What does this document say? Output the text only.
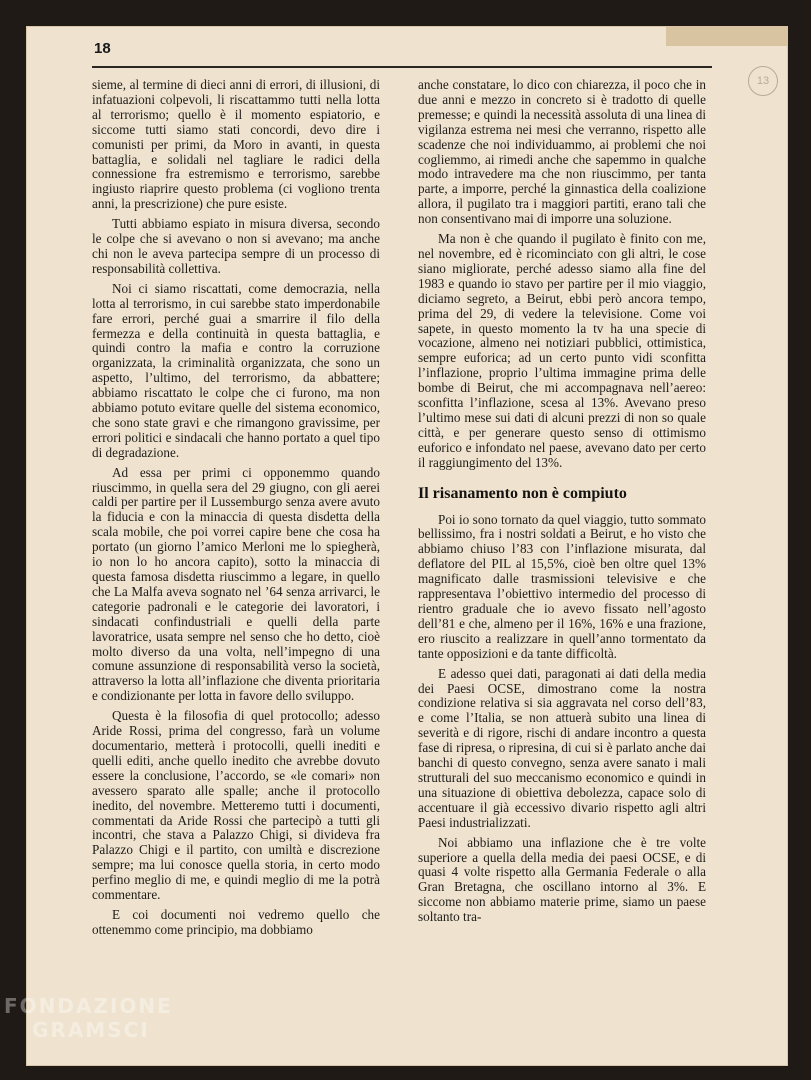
18
13

sieme, al termine di dieci anni di errori, di illusioni, di infatuazioni colpevoli, li riscattammo tutti nella lotta al terrorismo; quello è il momento espiatorio, e siccome tutti siamo stati concordi, devo dire i comunisti per primi, da Moro in avanti, in questa battaglia, e solidali nel tagliare le radici della connessione fra estremismo e terrorismo, sarebbe ingiusto riaprire questo problema (ci vogliono trenta anni, la prescrizione) che pure esiste.

Tutti abbiamo espiato in misura diversa, secondo le colpe che si avevano o non si avevano; ma anche chi non le aveva partecipa sempre di un processo di responsabilità collettiva.

Noi ci siamo riscattati, come democrazia, nella lotta al terrorismo, in cui sarebbe stato imperdonabile fare errori, perché guai a smarrire il filo della fermezza e della continuità in questa battaglia, e quindi contro la mafia e contro la corruzione organizzata, la criminalità organizzata, che sono un aspetto, l’ultimo, del terrorismo, da abbattere; abbiamo riscattato le colpe che ci furono, ma non abbiamo potuto evitare quelle del sistema economico, che sono state gravi e che rimangono gravissime, per errori politici e sindacali che hanno portato a quel tipo di degradazione.

Ad essa per primi ci opponemmo quando riuscimmo, in quella sera del 29 giugno, con gli aerei caldi per partire per il Lussemburgo senza avere avuto la fiducia e con la minaccia di questa disdetta della scala mobile, che poi vorrei capire bene che cosa ha portato (un giorno l’amico Merloni me lo spiegherà, io non lo ho ancora capito), sotto la minaccia di questa famosa disdetta riuscimmo a legare, in quello che La Malfa aveva sognato nel ’64 senza arrivarci, le categorie padronali e le categorie dei lavoratori, i sindacati confindustriali e quelli della parte lavoratrice, usata sempre nel senso che ho detto, cioè molto diverso da una volta, nell’impegno di una comune assunzione di responsabilità verso la società, attraverso la lotta all’inflazione che diventa prioritaria e condizionante per lotta in favore dello sviluppo.

Questa è la filosofia di quel protocollo; adesso Aride Rossi, prima del congresso, farà un volume documentario, metterà i protocolli, quelli inediti e quelli editi, anche quello inedito che avrebbe dovuto essere la conclusione, l’accordo, se «le comari» non avessero sparato alle spalle; anche il protocollo inedito, del novembre. Metteremo tutti i documenti, commentati da Aride Rossi che partecipò a tutti gli incontri, che stava a Palazzo Chigi, si divideva fra Palazzo Chigi e il partito, con umiltà e discrezione sempre; ma lui conosce quella storia, in certo modo perfino meglio di me, e quindi meglio di me la potrà commentare.

E coi documenti noi vedremo quello che ottenemmo come principio, ma dobbiamo

anche constatare, lo dico con chiarezza, il poco che in due anni e mezzo in concreto si è tradotto di quelle premesse; e quindi la necessità assoluta di una linea di vigilanza estrema nei mesi che verranno, rispetto alle scadenze che noi individuammo, ai problemi che noi cogliemmo, ai rimedi anche che sapemmo in qualche modo intravedere ma che non riuscimmo, per tanta parte, a imporre, perché la ginnastica della coalizione allora, il pugilato tra i maggiori partiti, erano tali che non consentivano mai di imporre una soluzione.

Ma non è che quando il pugilato è finito con me, nel novembre, ed è ricominciato con gli altri, le cose siano migliorate, perché adesso siamo alla fine del 1983 e quando io stavo per partire per il mio viaggio, diciamo segreto, a Beirut, ebbi però ancora tempo, prima del 29, di vedere la televisione. Come voi sapete, in questo momento la tv ha una specie di vocazione, almeno nei notiziari pubblici, ottimistica, sempre euforica; ad un certo punto vidi sconfitta l’inflazione, proprio l’ultima immagine prima delle bombe di Beirut, che mi accompagnava nell’aereo: sconfitta l’inflazione, scesa al 13%. Avevano preso l’ultimo mese sui dati di alcuni prezzi di non so quale città, e per generare questo senso di ottimismo euforico e infondato nel paese, avevano dato per certo il raggiungimento del 13%.

Il risanamento non è compiuto

Poi io sono tornato da quel viaggio, tutto sommato bellissimo, fra i nostri soldati a Beirut, e ho visto che abbiamo chiuso l’83 con l’inflazione misurata, dal deflatore del PIL al 15,5%, cioè ben oltre quel 13% magnificato dalle trasmissioni televisive e che rappresentava l’obiettivo intermedio del processo di rientro graduale che io avevo fissato nell’agosto dell’81 e che, almeno per il 16%, 16% e una frazione, ero riuscito a realizzare in quell’anno tormentato da tante opposizioni e da tante difficoltà.

E adesso quei dati, paragonati ai dati della media dei Paesi OCSE, dimostrano come la nostra condizione relativa si sia aggravata nel corso dell’83, e come l’Italia, se non attuerà subito una linea di severità e di rigore, rischi di andare incontro a questa fase di ripresa, o ripresina, di cui si è parlato anche dai banchi di questo convegno, senza avere sanato i mali strutturali del suo meccanismo economico e quindi in una situazione di obiettiva debolezza, capace solo di accentuare il già eccessivo divario rispetto agli altri Paesi industrializzati.

Noi abbiamo una inflazione che è tre volte superiore a quella della media dei paesi OCSE, e di quasi 4 volte rispetto alla Germania Federale o alla Gran Bretagna, che oscillano intorno al 3%. E siccome non abbiamo materie prime, siamo un paese soltanto tra-

FONDAZIONE
GRAMSCI
